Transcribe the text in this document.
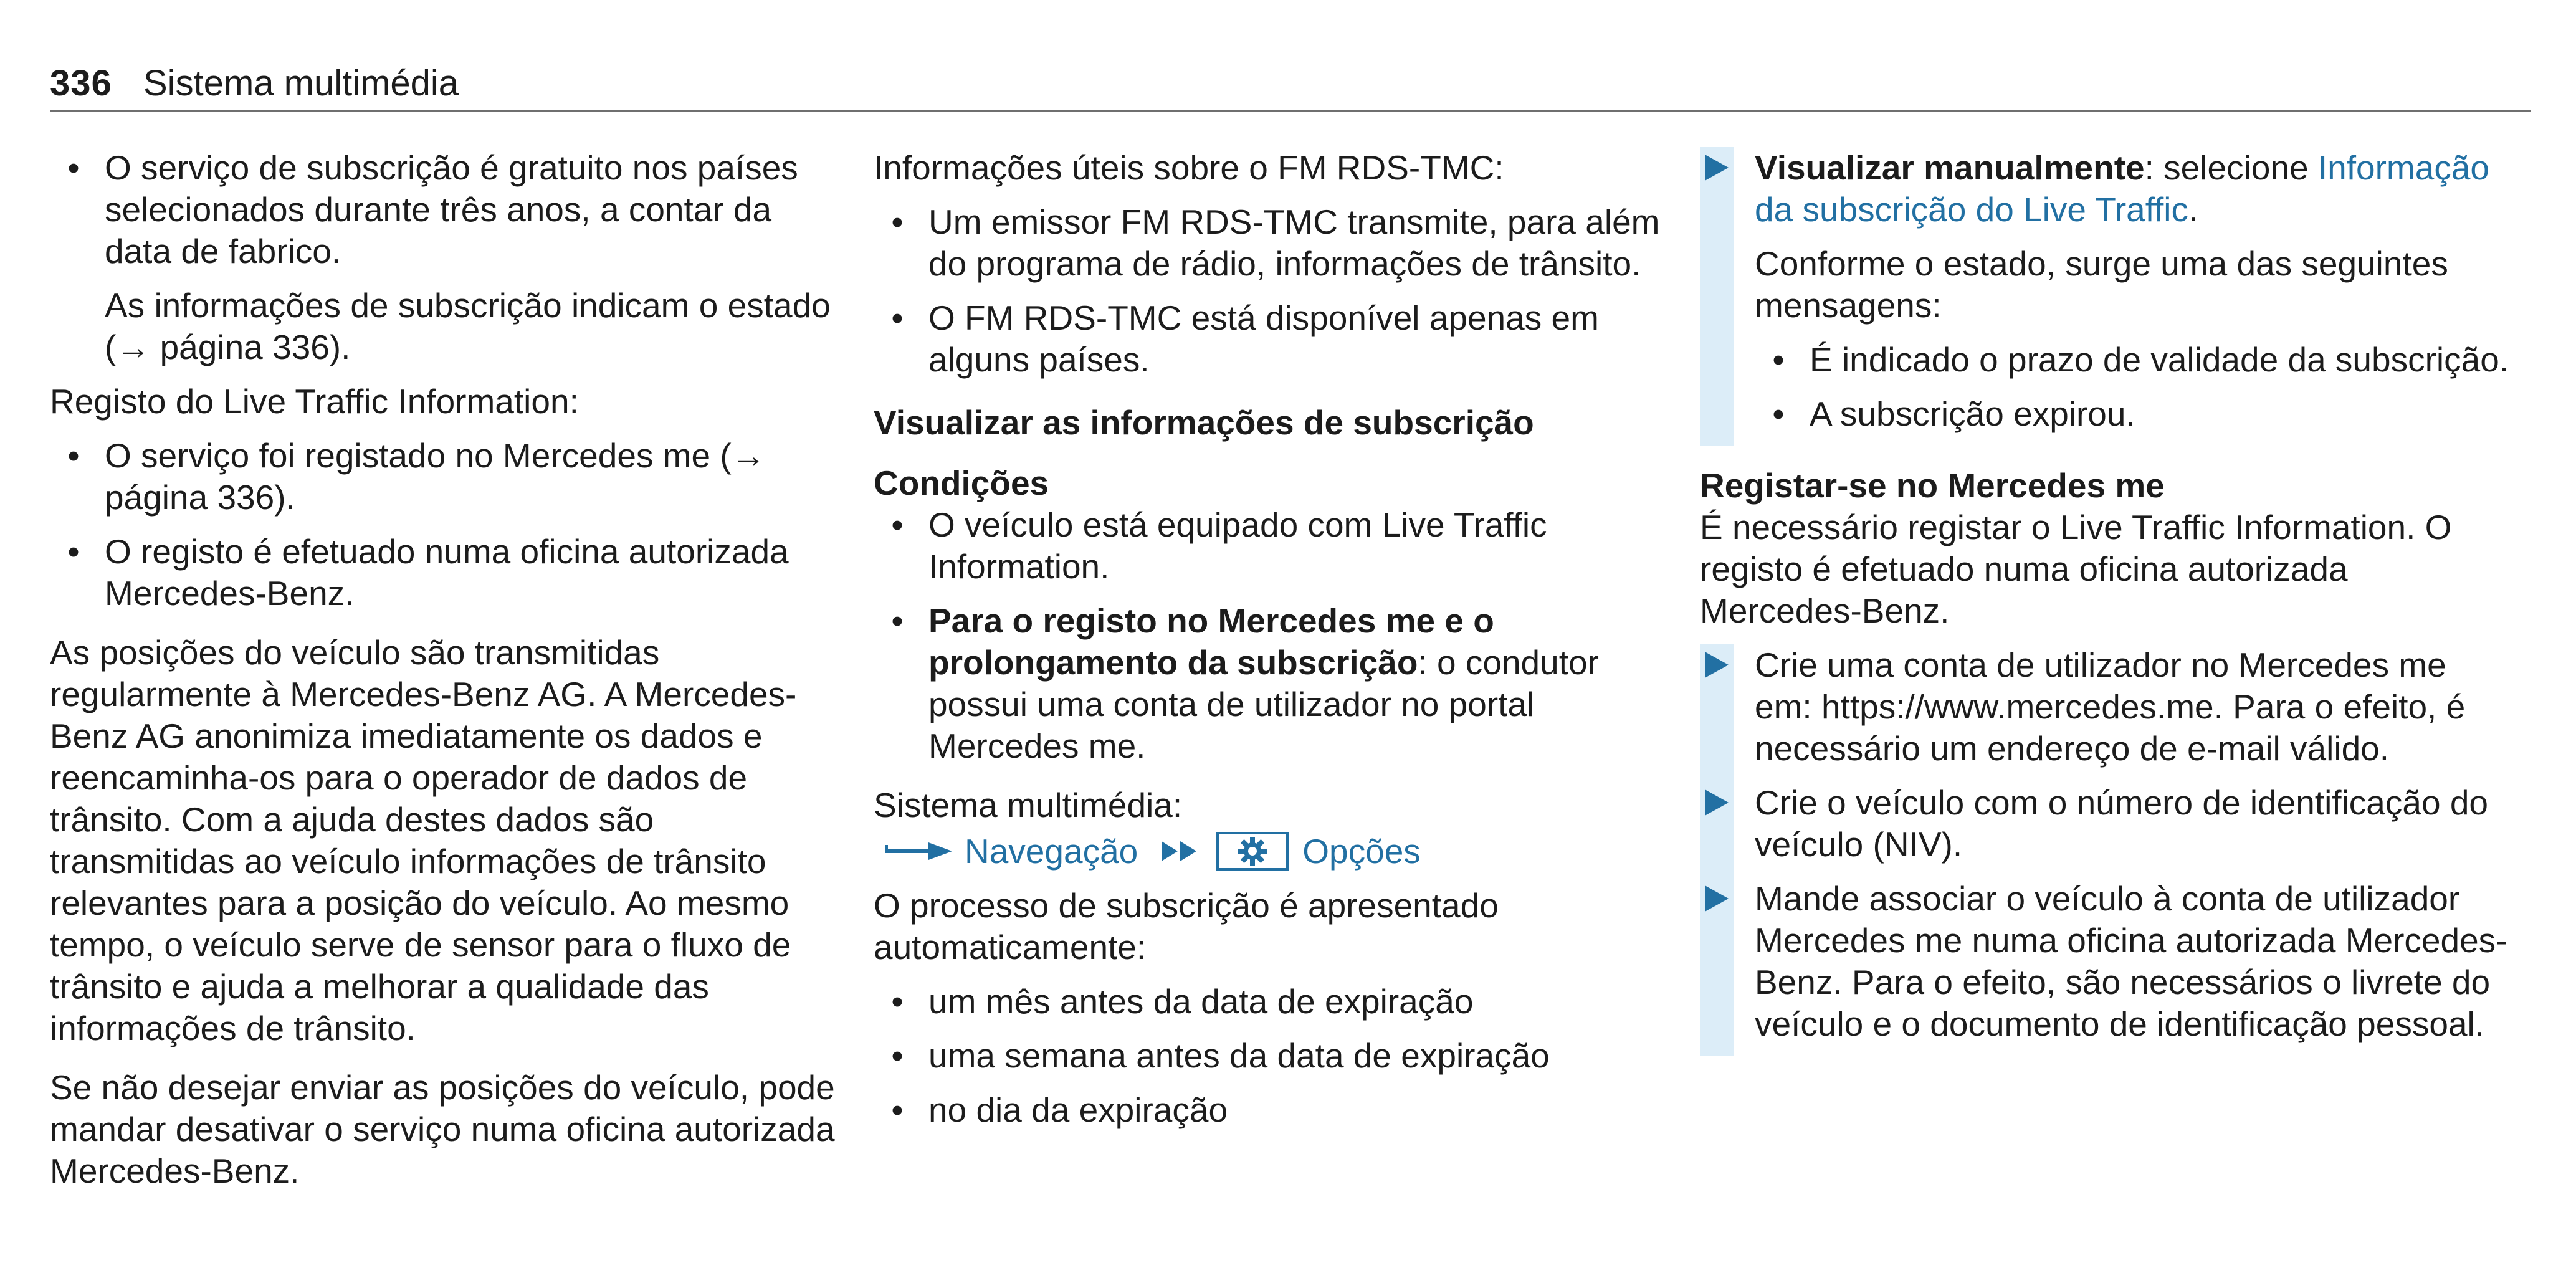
336 Sistema multimédia
• O serviço de subscrição é gratuito nos países selecionados durante três anos, a contar da data de fabrico.

As informações de subscrição indicam o estado (→ página 336).

Registo do Live Traffic Information:

• O serviço foi registado no Mercedes me (→ página 336).
• O registo é efetuado numa oficina autorizada Mercedes-Benz.

As posições do veículo são transmitidas regularmente à Mercedes-Benz AG. A Mercedes-Benz AG anonimiza imediatamente os dados e reencaminha-os para o operador de dados de trânsito. Com a ajuda destes dados são transmitidas ao veículo informações de trânsito relevantes para a posição do veículo. Ao mesmo tempo, o veículo serve de sensor para o fluxo de trânsito e ajuda a melhorar a qualidade das informações de trânsito.

Se não desejar enviar as posições do veículo, pode mandar desativar o serviço numa oficina autorizada Mercedes-Benz.

Informações úteis sobre o FM RDS-TMC:

• Um emissor FM RDS-TMC transmite, para além do programa de rádio, informações de trânsito.
• O FM RDS-TMC está disponível apenas em alguns países.

Visualizar as informações de subscrição

Condições

• O veículo está equipado com Live Traffic Information.
• Para o registo no Mercedes me e o prolongamento da subscrição: o condutor possui uma conta de utilizador no portal Mercedes me.

Sistema multimédia:

Navegação	Opções

O processo de subscrição é apresentado automaticamente:

• um mês antes da data de expiração
• uma semana antes da data de expiração
• no dia da expiração

Visualizar manualmente: selecione Informação da subscrição do Live Traffic.

Conforme o estado, surge uma das seguintes mensagens:

• É indicado o prazo de validade da subscrição.
• A subscrição expirou.

Registar-se no Mercedes me

É necessário registar o Live Traffic Information. O registo é efetuado numa oficina autorizada Mercedes-Benz.

Crie uma conta de utilizador no Mercedes me em: https://www.mercedes.me. Para o efeito, é necessário um endereço de e-mail válido.

Crie o veículo com o número de identificação do veículo (NIV).

Mande associar o veículo à conta de utilizador Mercedes me numa oficina autorizada Mercedes-Benz. Para o efeito, são necessários o livrete do veículo e o documento de identificação pessoal.
